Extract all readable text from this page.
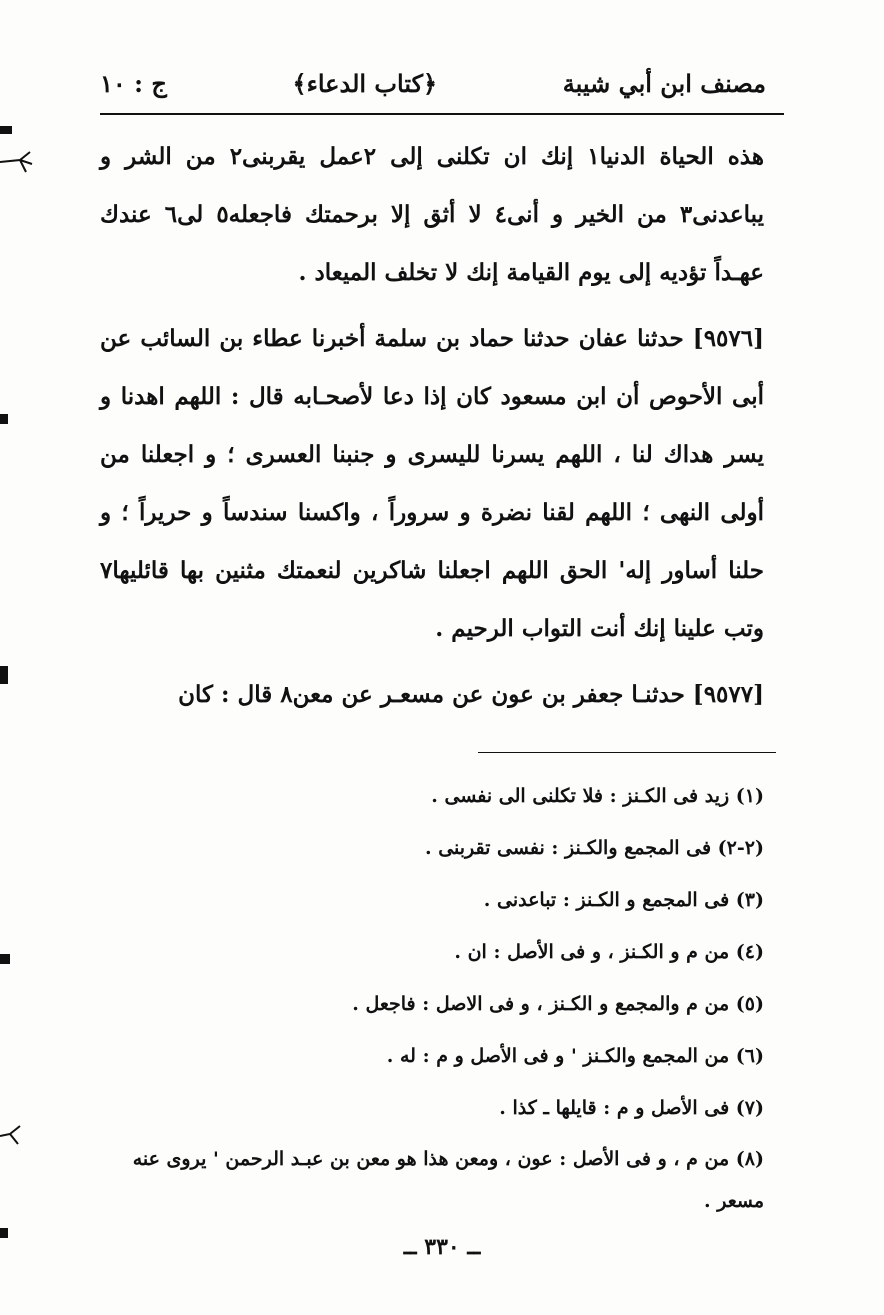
مصنف ابن أبي شيبة
﴿كتاب الدعاء﴾
ج : ١٠

هذه الحياة الدنيا١ إنك ان تكلنى إلى ٢عمل يقربنى٢ من الشر و يباعدنى٣ من الخير و أنى٤ لا أثق إلا برحمتك فاجعله٥ لى٦ عندك عهـداً تؤديه إلى يوم القيامة إنك لا تخلف الميعاد .

[٩٥٧٦] حدثنا عفان حدثنا حماد بن سلمة أخبرنا عطاء بن السائب عن أبى الأحوص أن ابن مسعود كان إذا دعا لأصحـابه قال : اللهم اهدنا و يسر هداك لنا ، اللهم يسرنا لليسرى و جنبنا العسرى ؛ و اجعلنا من أولى النهى ؛ اللهم لقنا نضرة و سروراً ، واكسنا سندساً و حريراً ؛ و حلنا أساور إله' الحق اللهم اجعلنا شاكرين لنعمتك مثنين بها قائليها٧ وتب علينا إنك أنت التواب الرحيم .

[٩٥٧٧] حدثنـا جعفر بن عون عن مسعـر عن معن٨ قال : كان

(١) زيد فى الكـنز : فلا تكلنى الى نفسى .

(٢-٢) فى المجمع والكـنز : نفسى تقربنى .

(٣) فى المجمع و الكـنز : تباعدنى .

(٤) من م و الكـنز ، و فى الأصل : ان .

(٥) من م والمجمع و الكـنز ، و فى الاصل : فاجعل .

(٦) من المجمع والكـنز ' و فى الأصل و م : له .

(٧) فى الأصل و م : قايلها ـ كذا .

(٨) من م ، و فى الأصل : عون ، ومعن هذا هو معن بن عبـد الرحمن ' يروى عنه مسعر .

ــ ٣٣٠ ــ
